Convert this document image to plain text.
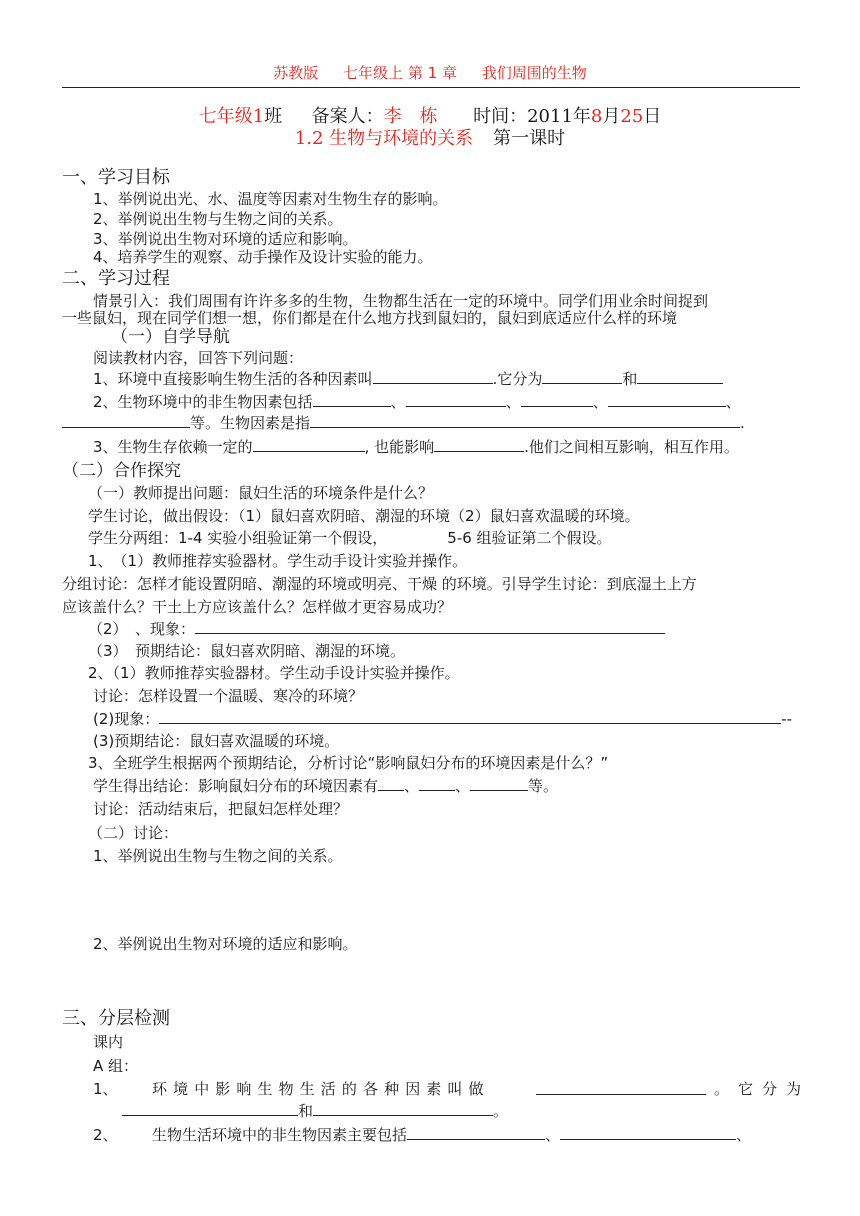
苏教版 七年级上 第 1 章 我们周围的生物
七年级1班 备案人：李　栋 时间：2011年8月25日
1.2 生物与环境的关系 第一课时
一、学习目标
1、举例说出光、水、温度等因素对生物生存的影响。
2、举例说出生物与生物之间的关系。
3、举例说出生物对环境的适应和影响。
4、培养学生的观察、动手操作及设计实验的能力。
二、学习过程
情景引入：我们周围有许许多多的生物，生物都生活在一定的环境中。同学们用业余时间捉到
一些鼠妇，现在同学们想一想，你们都是在什么地方找到鼠妇的，鼠妇到底适应什么样的环境
（一）自学导航
阅读教材内容，回答下列问题：
1、环境中直接影响生物生活的各种因素叫	.它分为	和
2、生物环境中的非生物因素包括	、	、	、	、
等。生物因素是指	.
3、生物生存依赖一定的	, 也能影响	.他们之间相互影响，相互作用。
（二）合作探究
（一）教师提出问题：鼠妇生活的环境条件是什么？
学生讨论，做出假设：（1）鼠妇喜欢阴暗、潮湿的环境（2）鼠妇喜欢温暖的环境。
学生分两组：1-4 实验小组验证第一个假设，	5-6 组验证第二个假设。
1、　（1）教师推荐实验器材。学生动手设计实验并操作。
分组讨论：怎样才能设置阴暗、潮湿的环境或明亮、干燥 的环境。引导学生讨论：到底湿土上方
应该盖什么？干土上方应该盖什么？怎样做才更容易成功？
（2）　、现象：
（3）　预期结论：鼠妇喜欢阴暗、潮湿的环境。
2、（1）教师推荐实验器材。学生动手设计实验并操作。
讨论：怎样设置一个温暖、寒冷的环境？
(2)现象：	--
(3)预期结论：鼠妇喜欢温暖的环境。
3、全班学生根据两个预期结论，分析讨论“影响鼠妇分布的环境因素是什么？”
学生得出结论：影响鼠妇分布的环境因素有 、 、	等。
讨论：活动结束后，把鼠妇怎样处理？
（二）讨论：
1、举例说出生物与生物之间的关系。
2、举例说出生物对环境的适应和影响。
三、分层检测
课内
A 组：
1、 环境中影响生物生活的各种因素叫做	。它分为
和	。
2、 生物生活环境中的非生物因素主要包括	、	、
